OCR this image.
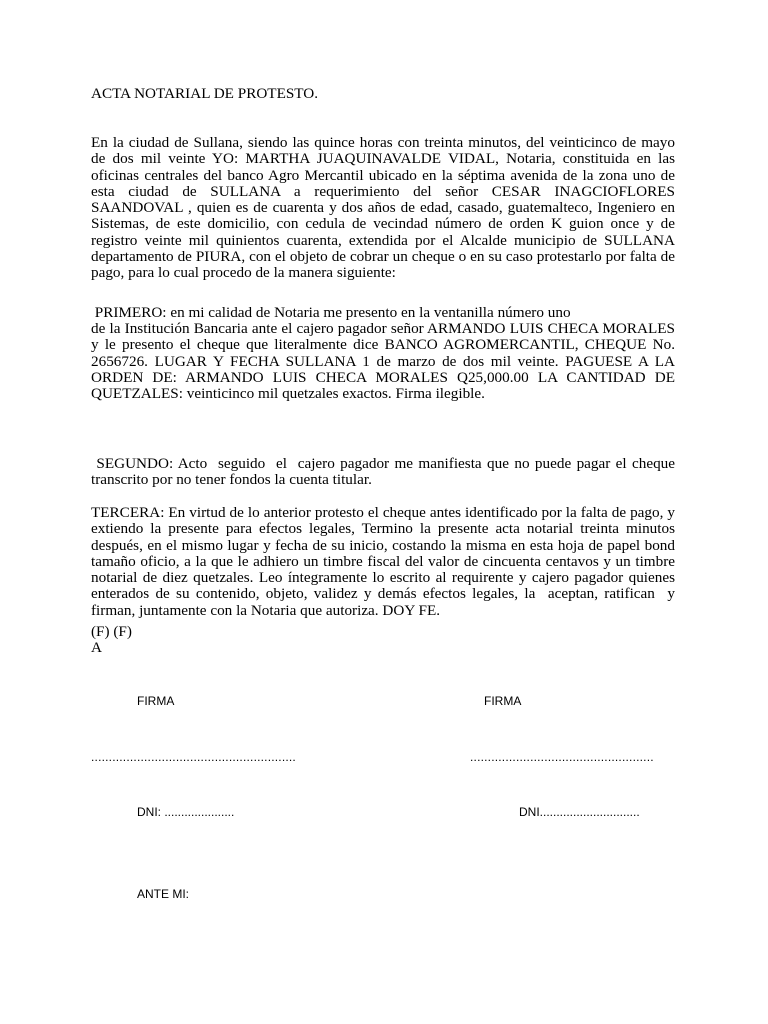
ACTA NOTARIAL DE PROTESTO.

En la ciudad de Sullana, siendo las quince horas con treinta minutos, del veinticinco de mayo de dos mil veinte YO: MARTHA JUAQUINAVALDE VIDAL, Notaria, constituida en las oficinas centrales del banco Agro Mercantil ubicado en la séptima avenida de la zona uno de esta ciudad de SULLANA a requerimiento del señor CESAR INAGCIOFLORES SAANDOVAL , quien es de cuarenta y dos años de edad, casado, guatemalteco, Ingeniero en Sistemas, de este domicilio, con cedula de vecindad número de orden K guion once y de registro veinte mil quinientos cuarenta, extendida por el Alcalde municipio de SULLANA departamento de PIURA, con el objeto de cobrar un cheque o en su caso protestarlo por falta de pago, para lo cual procedo de la manera siguiente:

PRIMERO: en mi calidad de Notaria me presento en la ventanilla número uno

de la Institución Bancaria ante el cajero pagador señor ARMANDO LUIS CHECA MORALES y le presento el cheque que literalmente dice BANCO AGROMERCANTIL, CHEQUE No. 2656726. LUGAR Y FECHA SULLANA 1 de marzo de dos mil veinte. PAGUESE A LA ORDEN DE: ARMANDO LUIS CHECA MORALES Q25,000.00 LA CANTIDAD DE QUETZALES: veinticinco mil quetzales exactos. Firma ilegible.

SEGUNDO: Acto  seguido  el  cajero pagador me manifiesta que no puede pagar el cheque transcrito por no tener fondos la cuenta titular.

TERCERA: En virtud de lo anterior protesto el cheque antes identificado por la falta de pago, y extiendo la presente para efectos legales, Termino la presente acta notarial treinta minutos después, en el mismo lugar y fecha de su inicio, costando la misma en esta hoja de papel bond tamaño oficio, a la que le adhiero un timbre fiscal del valor de cincuenta centavos y un timbre notarial de diez quetzales. Leo íntegramente lo escrito al requirente y cajero pagador quienes enterados de su contenido, objeto, validez y demás efectos legales, la  aceptan, ratifican  y  firman, juntamente con la Notaria que autoriza. DOY FE.

(F) (F)
A
FIRMA	FIRMA
..........................................................	....................................................
DNI: .....................	DNI..............................
ANTE MI:
